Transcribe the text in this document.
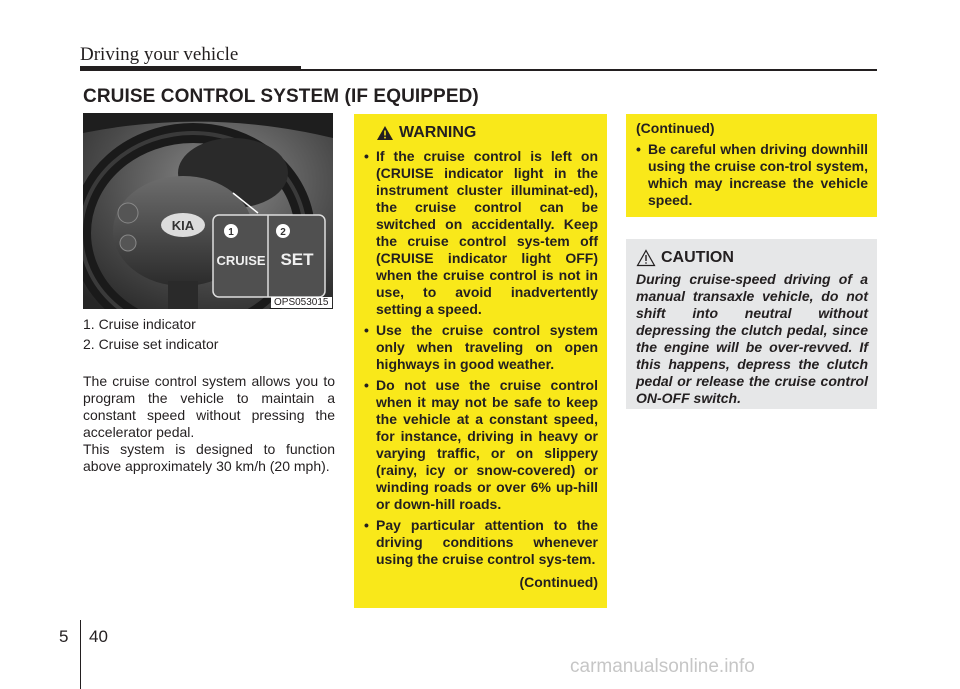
Driving your vehicle
CRUISE CONTROL SYSTEM (IF EQUIPPED)
KIA	1	2
CRUISE SET
OPS053015
1. Cruise indicator
2. Cruise set indicator
The cruise control system allows you to program the vehicle to maintain a constant speed without pressing the accelerator pedal.
This system is designed to function above approximately 30 km/h (20 mph).
WARNING
• If the cruise control is left on (CRUISE indicator light in the instrument cluster illuminat-ed), the cruise control can be switched on accidentally. Keep the cruise control sys-tem off (CRUISE indicator light OFF) when the cruise control is not in use, to avoid inadvertently setting a speed.
• Use the cruise control system only when traveling on open highways in good weather.
• Do not use the cruise control when it may not be safe to keep the vehicle at a constant speed, for instance, driving in heavy or varying traffic, or on slippery (rainy, icy or snow-covered) or winding roads or over 6% up-hill or down-hill roads.
• Pay particular attention to the driving conditions whenever using the cruise control sys-tem.
(Continued)
(Continued)
• Be careful when driving downhill using the cruise con-trol system, which may increase the vehicle speed.
CAUTION
During cruise-speed driving of a manual transaxle vehicle, do not shift into neutral without depressing the clutch pedal, since the engine will be over-revved. If this happens, depress the clutch pedal or release the cruise control ON-OFF switch.
5 40
carmanualsonline.info
